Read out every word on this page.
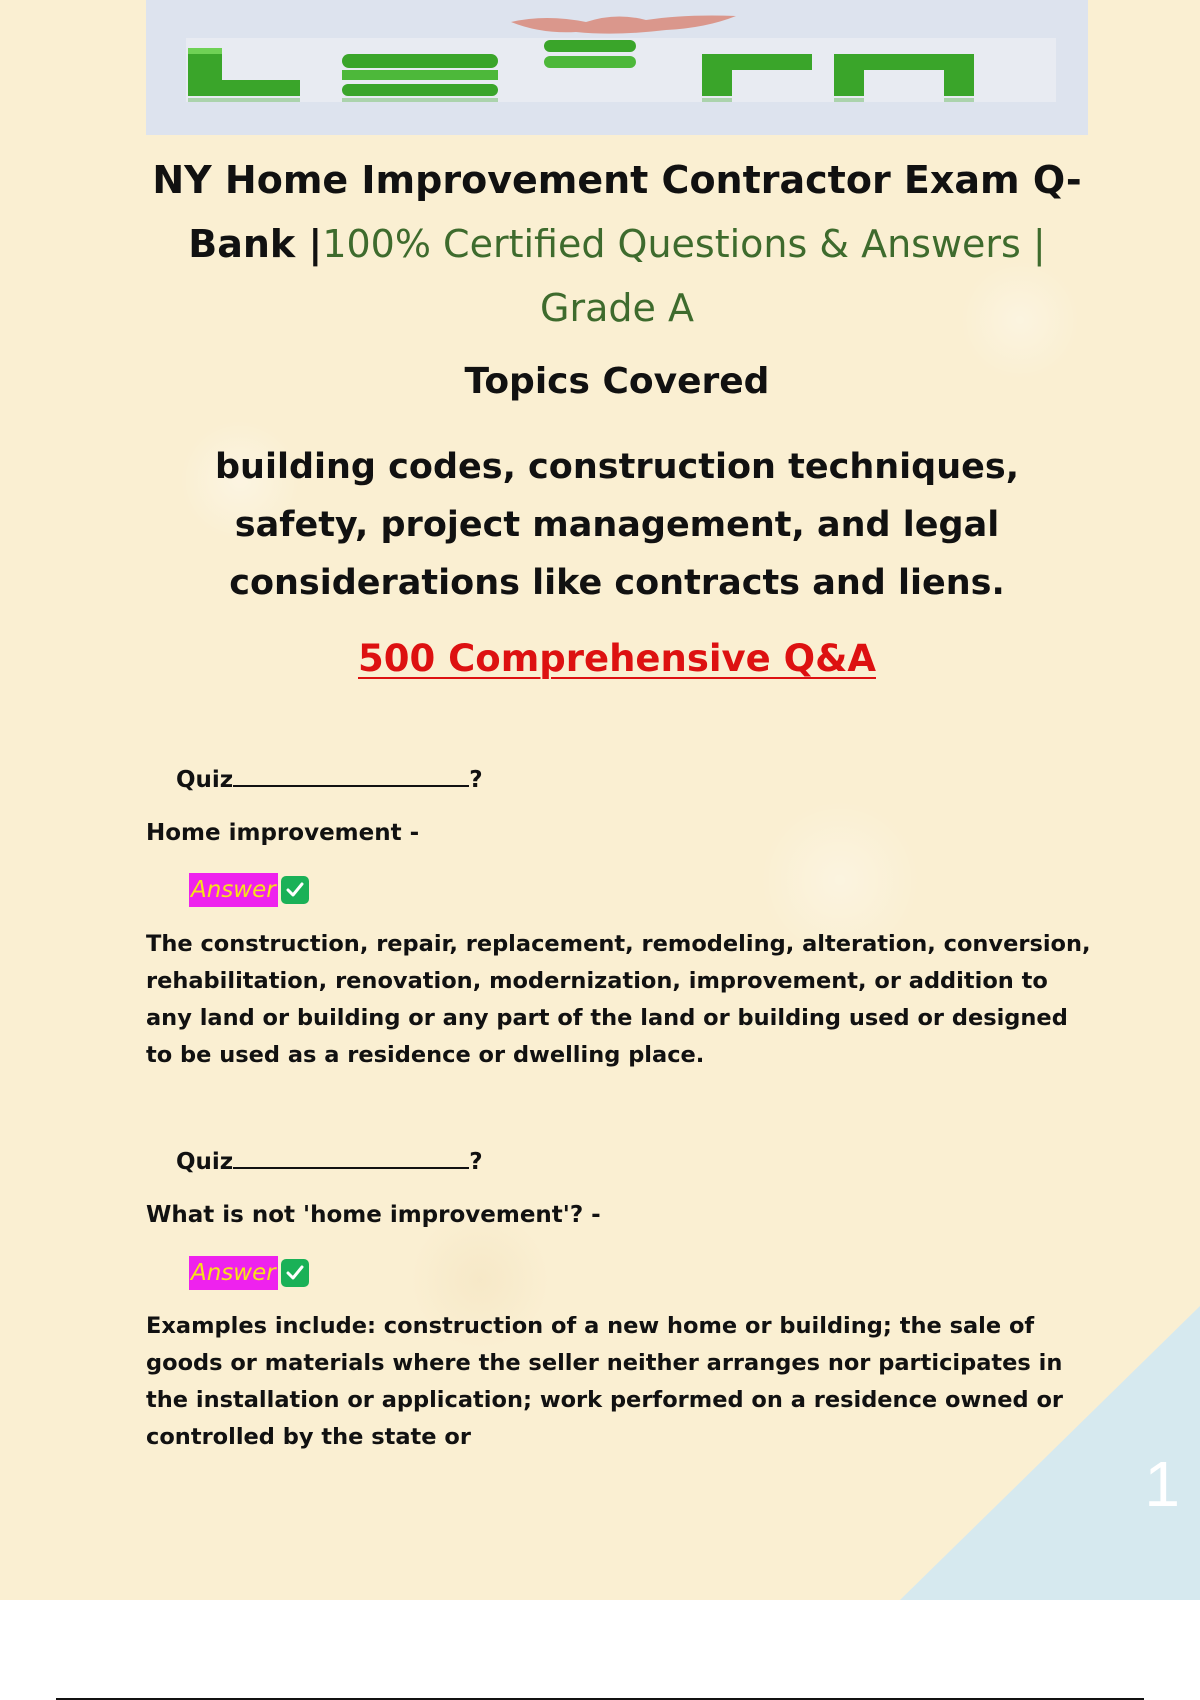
1
NY Home Improvement Contractor Exam Q-
Bank |100% Certified Questions & Answers |
Grade A
Topics Covered
building codes, construction techniques, safety, project management, and legal considerations like contracts and liens.
500 Comprehensive Q&A
Quiz	?
Home improvement -
Answer
The construction, repair, replacement, remodeling, alteration, conversion, rehabilitation, renovation, modernization, improvement, or addition to any land or building or any part of the land or building used or designed to be used as a residence or dwelling place.
Quiz	?
What is not 'home improvement'? -
Answer
Examples include: construction of a new home or building; the sale of goods or materials where the seller neither arranges nor participates in the installation or application; work performed on a residence owned or controlled by the state or
